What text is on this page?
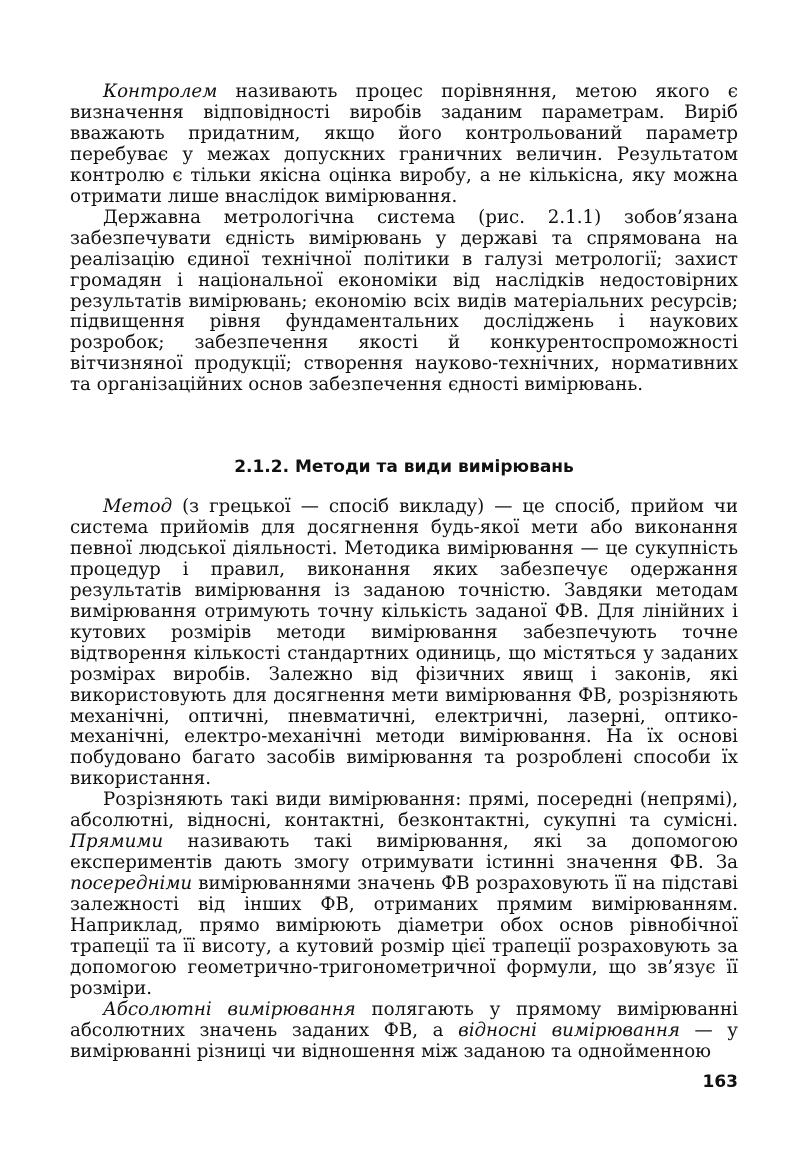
Контролем називають процес порівняння, метою якого є визначення відповідності виробів заданим параметрам. Виріб вважають придатним, якщо його контрольований параметр перебуває у межах допускних граничних величин. Результатом контролю є тільки якісна оцінка виробу, а не кількісна, яку можна отримати лише внаслідок вимірювання.

Державна метрологічна система (рис. 2.1.1) зобов’язана забезпечувати єдність вимірювань у державі та спрямована на реалізацію єдиної технічної політики в галузі метрології; захист громадян і національної економіки від наслідків недостовірних результатів вимірювань; економію всіх видів матеріальних ресурсів; підвищення рівня фундаментальних досліджень і наукових розробок; забезпечення якості й конкурентоспроможності вітчизняної продукції; створення науково-технічних, нормативних та організаційних основ забезпечення єдності вимірювань.

2.1.2. Методи та види вимірювань

Метод (з грецької — спосіб викладу) — це спосіб, прийом чи система прийомів для досягнення будь-якої мети або виконання певної людської діяльності. Методика вимірювання — це сукупність процедур і правил, виконання яких забезпечує одержання результатів вимірювання із заданою точністю. Завдяки методам вимірювання отримують точну кількість заданої ФВ. Для лінійних і кутових розмірів методи вимірювання забезпечують точне відтворення кількості стандартних одиниць, що містяться у заданих розмірах виробів. Залежно від фізичних явищ і законів, які використовують для досягнення мети вимірювання ФВ, розрізняють механічні, оптичні, пневматичні, електричні, лазерні, оптико-механічні, електро-механічні методи вимірювання. На їх основі побудовано багато засобів вимірювання та розроблені способи їх використання.

Розрізняють такі види вимірювання: прямі, посередні (непрямі), абсолютні, відносні, контактні, безконтактні, сукупні та сумісні. Прямими називають такі вимірювання, які за допомогою експериментів дають змогу отримувати істинні значення ФВ. За посередніми вимірюваннями значень ФВ розраховують її на підставі залежності від інших ФВ, отриманих прямим вимірюванням. Наприклад, прямо вимірюють діаметри обох основ рівнобічної трапеції та її висоту, а кутовий розмір цієї трапеції розраховують за допомогою геометрично-тригонометричної формули, що зв’язує її розміри.

Абсолютні вимірювання полягають у прямому вимірюванні абсолютних значень заданих ФВ, а відносні вимірювання — у вимірюванні різниці чи відношення між заданою та однойменною

163
